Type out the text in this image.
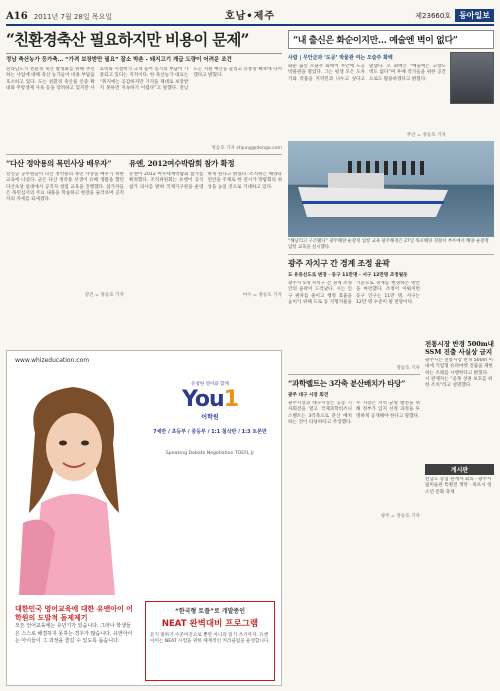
A16 2011년 7월 28일 목요일	호남•제주	제23660호	동아일보
“친환경축산 필요하지만 비용이 문제”
정남 축산농가 등가축… “가격 보장받만 필요” 잘소 박촌 - 돼지고기 계급 도량이 어려운 조건
전라남도가 친환경 축산 활성화를 위해 추진하는 사업에 대해 축산 농가들이 비용 부담을 호소하고 있다. 도는 친환경 축산물 인증 확대와 무항생제 사육 등을 장려하고 있지만 사료비와 시설비가 크게 늘어 농가의 부담이 가중되고 있다는 지적이다. 한 축산농가 대표는 “취지에는 공감하지만 가격을 제대로 보장받지 못하면 지속하기 어렵다”고 말했다. 전남도는 지원 예산을 늘리고 유통망 확보에 나서겠다고 밝혔다.
정승호 기자 shjung@donga.com
“다산 정약용의 목민사상 배우자”
강진군 공무원들이 다산 정약용의 목민 사상을 배우기 위한 교육에 나섰다. 군은 다산 정약용 선생이 유배 생활을 했던 다산초당 일대에서 공직자 청렴 교육을 진행했다. 참가자들은 목민심서의 주요 내용을 학습하고 현장을 둘러보며 공직자의 자세를 되새겼다.
강진 = 정승호 기자
유엔, 2012여수박람회 참가 확정
유엔이 2012 여수세계박람회 참가를 확정했다. 조직위원회는 유엔이 공식 참가 의사를 밝혀 국제기구관을 운영하게 된다고 밝혔다. 조직위는 해양과 연안을 주제로 한 전시가 박람회의 위상을 높일 것으로 기대하고 있다.
여수 = 정승호 기자
www.whizeducation.com
유창한 영어와 함께
You1
어학원
7세반 / 초등부 / 중등부 / 1:1 첨삭반 / 1:3 토론반
Speaking Debate Negotiation TOEFL Jr
대한민국 영어교육에 대한 유앤아이 어학원의 도발적 돌제제기
모든 언어교육에는 유년기가 있습니다. 그러나 학생들은 스스로 해결하지 못하는 경우가 많습니다. 유앤아이는 아이들이 그 과정을 즐길 수 있도록 돕습니다.
“한국형 토플”로 개발중인
NEAT 완벽대비 프로그램
듣기 말하기 수준미진으로 뿐만 아니라 읽기 쓰기까지. 유앤아이는 NEAT 시험을 위한 체계적인 커리큘럼을 운영합니다.
“내 출신은 화순이지만… 예술엔 벽이 없다”
사람 | 무안군과 ‘도공’ 박물관 여는 오슬주 화백
화순 출신 오슬주 화백이 무안에 도공 박물관을 열었다. 그는 평생 모은 도자기와 작품을 지역민과 나누고 싶다고 말했다. 오 화백은 “예술에는 고향도 벽도 없다”며 후배 작가들을 위한 공간으로도 활용하겠다고 밝혔다.
무안 = 정승호 기자
“해남리고 구조됐다” 광주해양 순찰정 입항 교육 광주해경은 27일 목포해양 경찰서 부두에서 해양 순찰정 입항 교육을 실시했다.
광주 자치구 간 경계 조정 윤곽
도 유류선도로 변경 · 동구 11만명 - 서구 12만명 조정될듯
광주시 5개 자치구 간 경계 조정안의 윤곽이 드러났다. 시는 인구 편차를 줄이고 행정 효율을 높이기 위해 도로 등 지형지물을 기준으로 경계를 변경하는 방안을 마련했다. 조정이 이뤄지면 동구 인구는 11만 명, 서구는 12만 명 수준이 될 전망이다.
정승호 기자
“과학벨트는 3각축 분산배치가 타당”
광주 대구 시장 회견
광주시장과 대구시장은 공동 기자회견을 열고 국제과학비즈니스벨트는 3각축으로 분산 배치하는 것이 타당하다고 주장했다. 두 시장은 지역 균형 발전을 위해 정부가 입지 선정 과정을 투명하게 공개해야 한다고 말했다.
광주 = 정승호 기자
전통시장 반경 500m내 SSM 진출 사실상 금지
광주시는 전통시장 반경 500m 이내에 기업형 슈퍼마켓 진출을 제한하는 조례를 시행한다고 밝혔다. 시 관계자는 “골목 상권 보호를 위한 조치”라고 설명했다.
게시판
전남도 농업 관계자 회의 · 광주시립미술관 특별전 개막 · 목포시 청소년 문화 축제
